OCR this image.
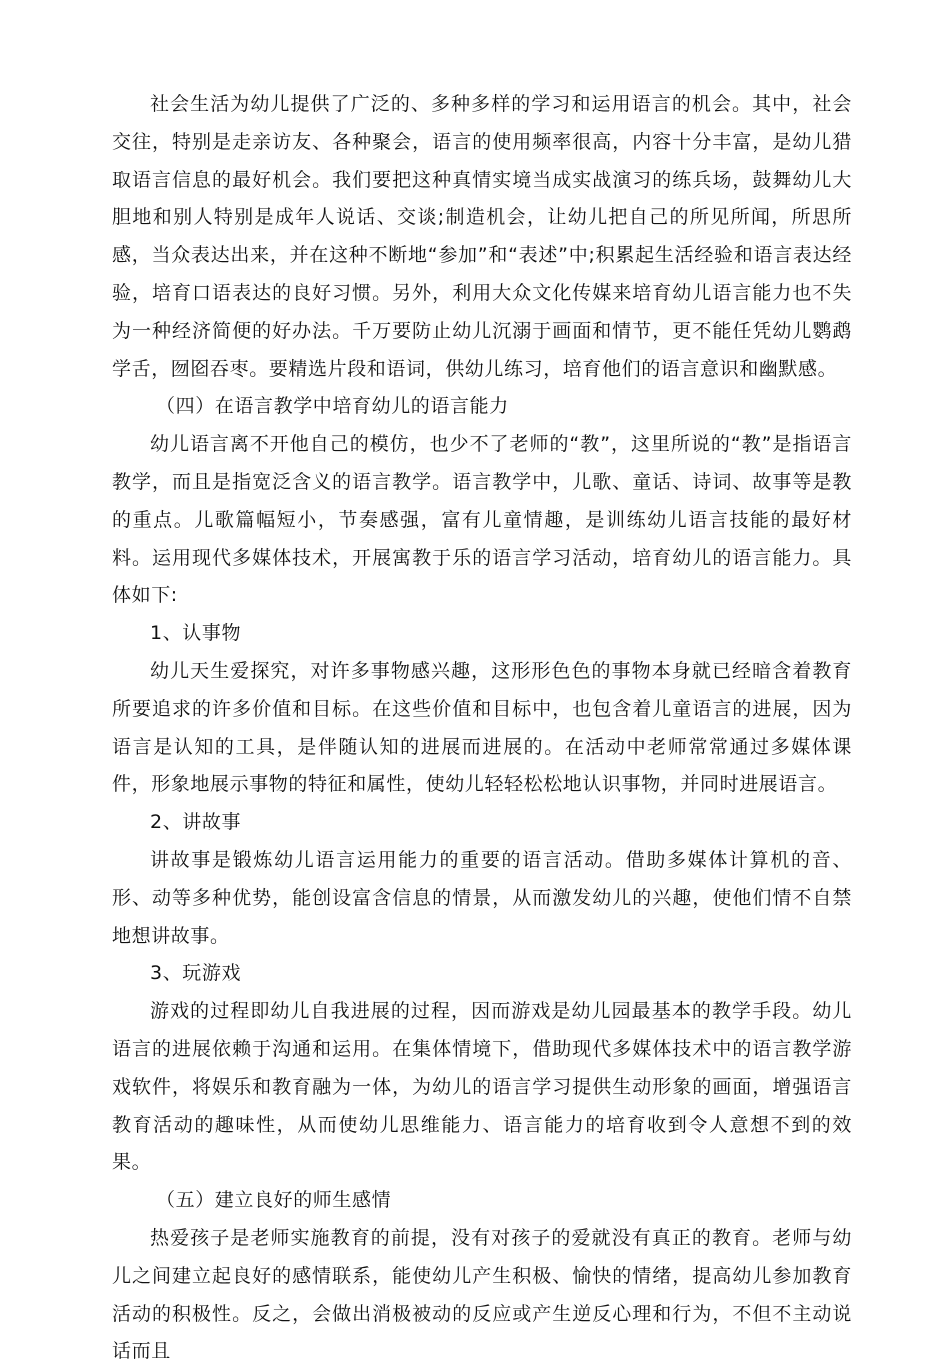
社会生活为幼儿提供了广泛的、多种多样的学习和运用语言的机会。其中，社会交往，特别是走亲访友、各种聚会，语言的使用频率很高，内容十分丰富，是幼儿猎取语言信息的最好机会。我们要把这种真情实境当成实战演习的练兵场，鼓舞幼儿大胆地和别人特别是成年人说话、交谈;制造机会，让幼儿把自己的所见所闻，所思所感，当众表达出来，并在这种不断地“参加”和“表述”中;积累起生活经验和语言表达经验，培育口语表达的良好习惯。另外，利用大众文化传媒来培育幼儿语言能力也不失为一种经济简便的好办法。千万要防止幼儿沉溺于画面和情节，更不能任凭幼儿鹦鹉学舌，囫囵吞枣。要精选片段和语词，供幼儿练习，培育他们的语言意识和幽默感。

（四）在语言教学中培育幼儿的语言能力

幼儿语言离不开他自己的模仿，也少不了老师的“教”，这里所说的“教”是指语言教学，而且是指宽泛含义的语言教学。语言教学中，儿歌、童话、诗词、故事等是教的重点。儿歌篇幅短小，节奏感强，富有儿童情趣，是训练幼儿语言技能的最好材料。运用现代多媒体技术，开展寓教于乐的语言学习活动，培育幼儿的语言能力。具体如下:

1、认事物

幼儿天生爱探究，对许多事物感兴趣，这形形色色的事物本身就已经暗含着教育所要追求的许多价值和目标。在这些价值和目标中，也包含着儿童语言的进展，因为语言是认知的工具，是伴随认知的进展而进展的。在活动中老师常常通过多媒体课件，形象地展示事物的特征和属性，使幼儿轻轻松松地认识事物，并同时进展语言。

2、讲故事

讲故事是锻炼幼儿语言运用能力的重要的语言活动。借助多媒体计算机的音、形、动等多种优势，能创设富含信息的情景，从而激发幼儿的兴趣，使他们情不自禁地想讲故事。

3、玩游戏

游戏的过程即幼儿自我进展的过程，因而游戏是幼儿园最基本的教学手段。幼儿语言的进展依赖于沟通和运用。在集体情境下，借助现代多媒体技术中的语言教学游戏软件，将娱乐和教育融为一体，为幼儿的语言学习提供生动形象的画面，增强语言教育活动的趣味性，从而使幼儿思维能力、语言能力的培育收到令人意想不到的效果。

（五）建立良好的师生感情

热爱孩子是老师实施教育的前提，没有对孩子的爱就没有真正的教育。老师与幼儿之间建立起良好的感情联系，能使幼儿产生积极、愉快的情绪，提高幼儿参加教育活动的积极性。反之，会做出消极被动的反应或产生逆反心理和行为，不但不主动说话而且
